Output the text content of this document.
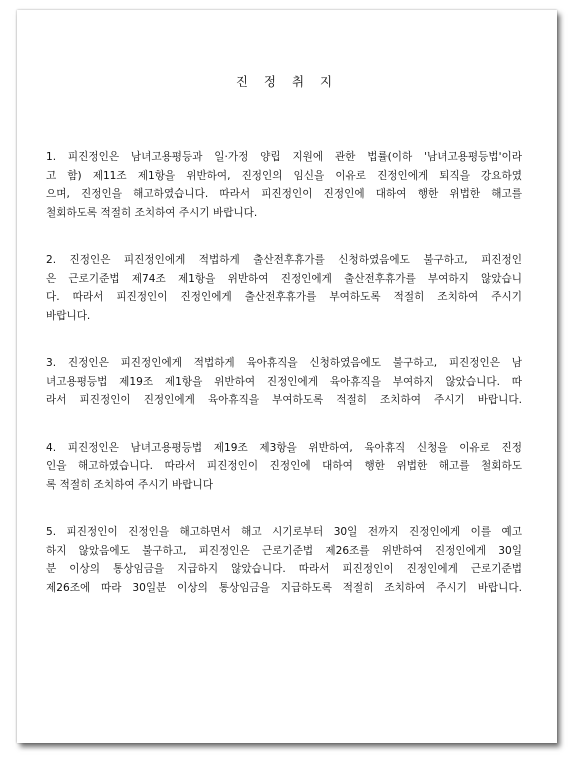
진 정 취 지
1. 피진정인은 남녀고용평등과 일·가정 양립 지원에 관한 법률(이하 '남녀고용평등법'이라
고 함) 제11조 제1항을 위반하여, 진정인의 임신을 이유로 진정인에게 퇴직을 강요하였
으며, 진정인을 해고하였습니다. 따라서 피진정인이 진정인에 대하여 행한 위법한 해고를
철회하도록 적절히 조치하여 주시기 바랍니다.
2. 진정인은 피진정인에게 적법하게 출산전후휴가를 신청하였음에도 불구하고, 피진정인
은 근로기준법 제74조 제1항을 위반하여 진정인에게 출산전후휴가를 부여하지 않았습니
다. 따라서 피진정인이 진정인에게 출산전후휴가를 부여하도록 적절히 조치하여 주시기
바랍니다.
3. 진정인은 피진정인에게 적법하게 육아휴직을 신청하였음에도 불구하고, 피진정인은 남
녀고용평등법 제19조 제1항을 위반하여 진정인에게 육아휴직을 부여하지 않았습니다. 따
라서 피진정인이 진정인에게 육아휴직을 부여하도록 적절히 조치하여 주시기 바랍니다.
4. 피진정인은 남녀고용평등법 제19조 제3항을 위반하여, 육아휴직 신청을 이유로 진정
인을 해고하였습니다. 따라서 피진정인이 진정인에 대하여 행한 위법한 해고를 철회하도
록 적절히 조치하여 주시기 바랍니다
5. 피진정인이 진정인을 해고하면서 해고 시기로부터 30일 전까지 진정인에게 이를 예고
하지 않았음에도 불구하고, 피진정인은 근로기준법 제26조를 위반하여 진정인에게 30일
분 이상의 통상임금을 지급하지 않았습니다. 따라서 피진정인이 진정인에게 근로기준법
제26조에 따라 30일분 이상의 통상임금을 지급하도록 적절히 조치하여 주시기 바랍니다.
